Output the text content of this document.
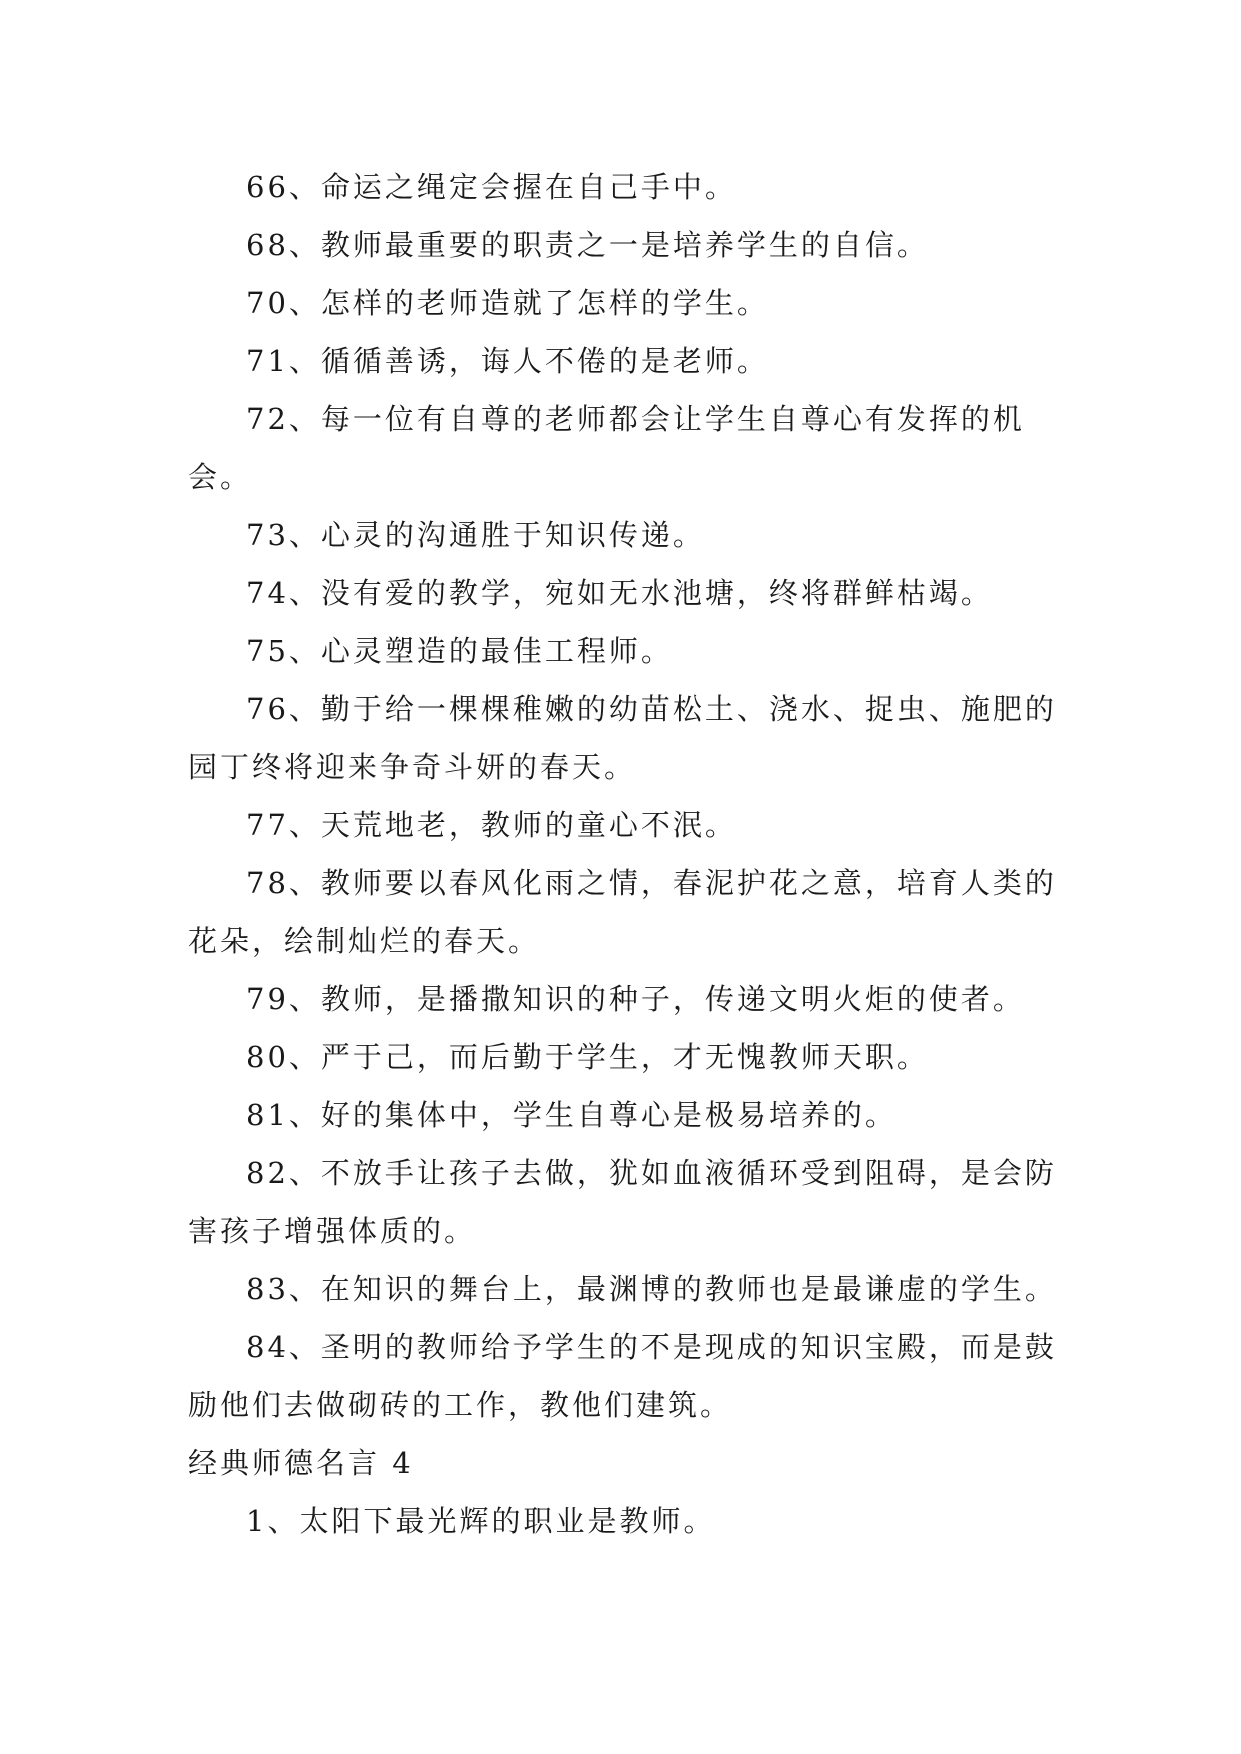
66、命运之绳定会握在自己手中。

68、教师最重要的职责之一是培养学生的自信。

70、怎样的老师造就了怎样的学生。

71、循循善诱，诲人不倦的是老师。

72、每一位有自尊的老师都会让学生自尊心有发挥的机会。

73、心灵的沟通胜于知识传递。

74、没有爱的教学，宛如无水池塘，终将群鲜枯竭。

75、心灵塑造的最佳工程师。

76、勤于给一棵棵稚嫩的幼苗松土、浇水、捉虫、施肥的园丁终将迎来争奇斗妍的春天。

77、天荒地老，教师的童心不泯。

78、教师要以春风化雨之情，春泥护花之意，培育人类的花朵，绘制灿烂的春天。

79、教师，是播撒知识的种子，传递文明火炬的使者。

80、严于己，而后勤于学生，才无愧教师天职。

81、好的集体中，学生自尊心是极易培养的。

82、不放手让孩子去做，犹如血液循环受到阻碍，是会防害孩子增强体质的。

83、在知识的舞台上，最渊博的教师也是最谦虚的学生。

84、圣明的教师给予学生的不是现成的知识宝殿，而是鼓励他们去做砌砖的工作，教他们建筑。

经典师德名言 4

1、太阳下最光辉的职业是教师。
